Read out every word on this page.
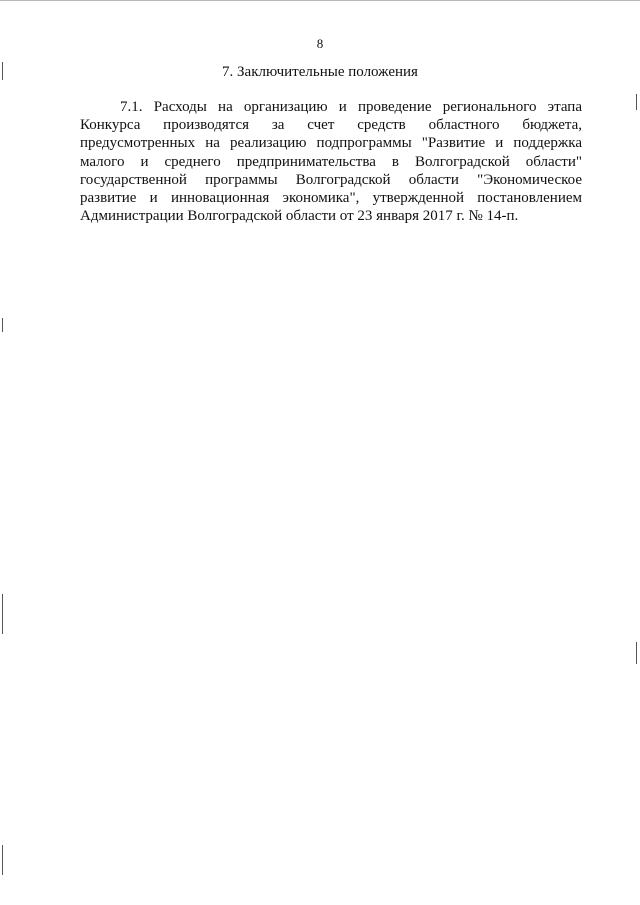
8
7. Заключительные положения
7.1. Расходы на организацию и проведение регионального этапа
Конкурса производятся за счет средств областного бюджета,
предусмотренных на реализацию подпрограммы "Развитие и поддержка
малого и среднего предпринимательства в Волгоградской области"
государственной программы Волгоградской области "Экономическое
развитие и инновационная экономика", утвержденной постановлением
Администрации Волгоградской области от 23 января 2017 г. № 14-п.
